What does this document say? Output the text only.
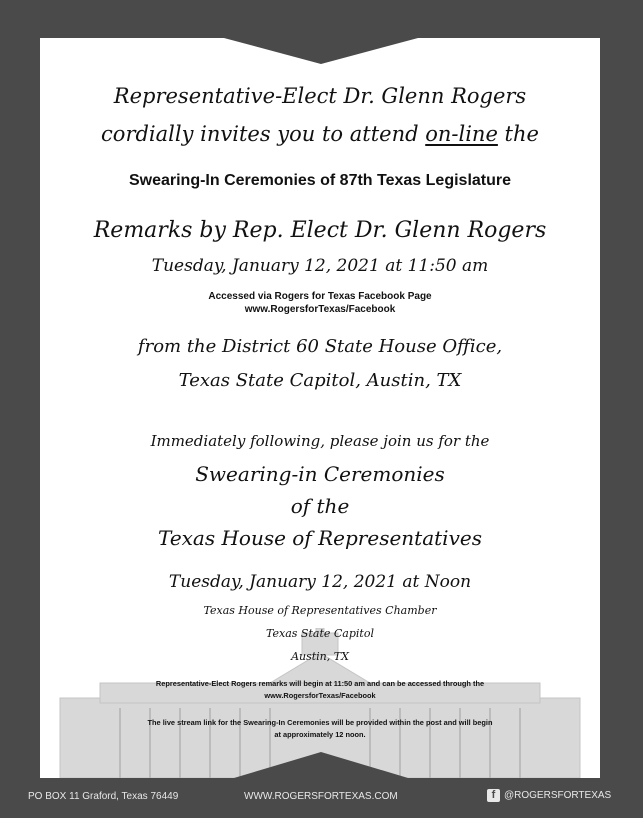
Representative-Elect Dr. Glenn Rogers
cordially invites you to attend on-line the
Swearing-In Ceremonies of 87th Texas Legislature
Remarks by Rep. Elect Dr. Glenn Rogers
Tuesday, January 12, 2021 at 11:50 am
Accessed via Rogers for Texas Facebook Page
www.RogersforTexas/Facebook
from the District 60 State House Office,
Texas State Capitol, Austin, TX
Immediately following, please join us for the
Swearing-in Ceremonies
of the
Texas House of Representatives
Tuesday, January 12, 2021 at Noon
Texas House of Representatives Chamber
Texas State Capitol
Austin, TX
Representative-Elect Rogers remarks will begin at 11:50 am and can be accessed through the
www.RogersforTexas/Facebook
The live stream link for the Swearing-In Ceremonies will be provided within the post and will begin
at approximately 12 noon.
PO BOX 11 Graford, Texas 76449	WWW.ROGERSFORTEXAS.COM	f @ROGERSFORTEXAS
